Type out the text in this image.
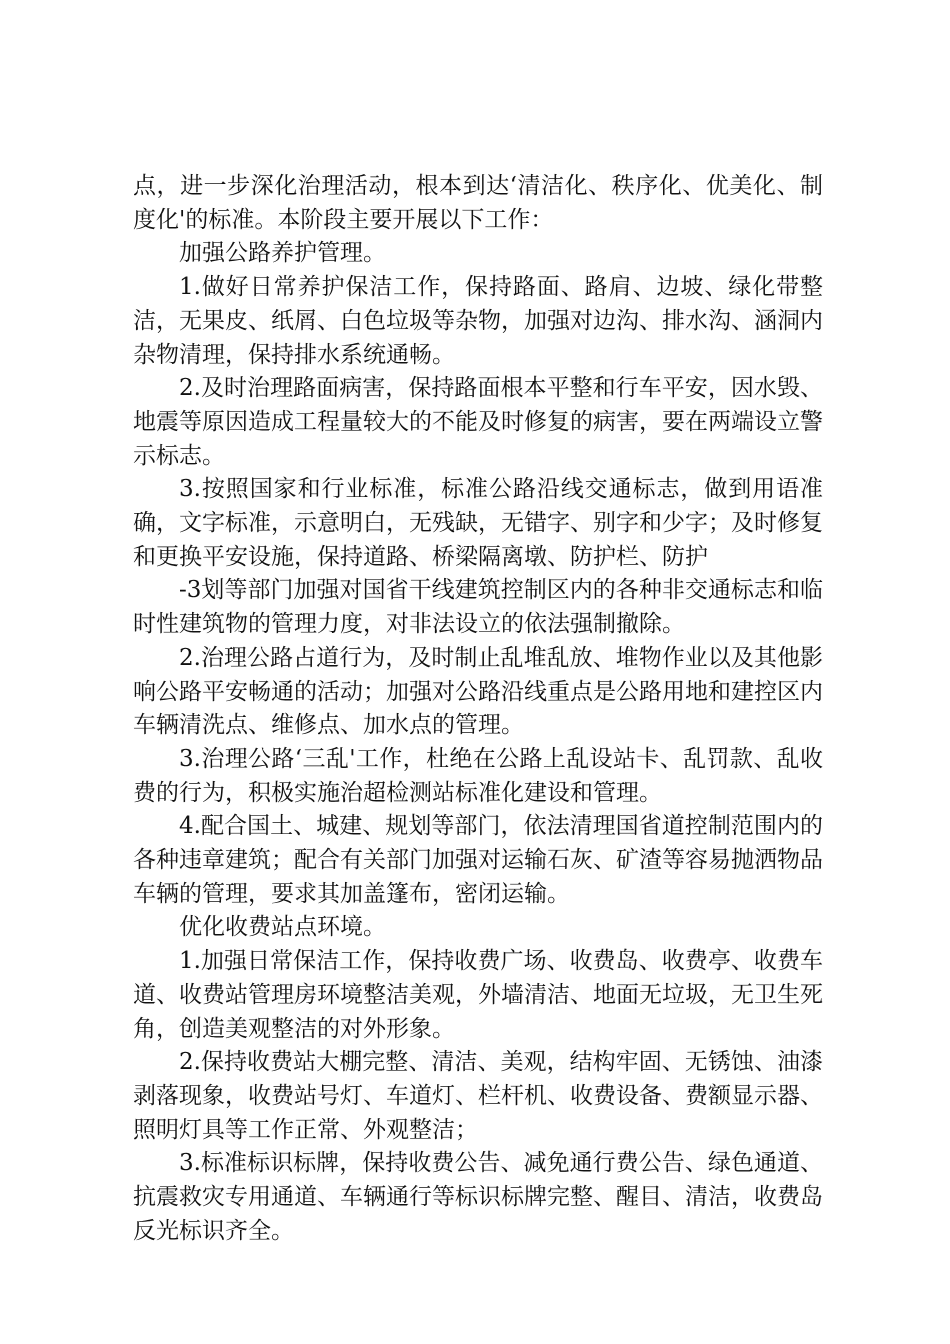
点，进一步深化治理活动，根本到达‘清洁化、秩序化、优美化、制度化'的标准。本阶段主要开展以下工作：

加强公路养护管理。

1.做好日常养护保洁工作，保持路面、路肩、边坡、绿化带整洁，无果皮、纸屑、白色垃圾等杂物，加强对边沟、排水沟、涵洞内杂物清理，保持排水系统通畅。

2.及时治理路面病害，保持路面根本平整和行车平安，因水毁、地震等原因造成工程量较大的不能及时修复的病害，要在两端设立警示标志。

3.按照国家和行业标准，标准公路沿线交通标志，做到用语准确，文字标准，示意明白，无残缺，无错字、别字和少字；及时修复和更换平安设施，保持道路、桥梁隔离墩、防护栏、防护

-3划等部门加强对国省干线建筑控制区内的各种非交通标志和临时性建筑物的管理力度，对非法设立的依法强制撤除。

2.治理公路占道行为，及时制止乱堆乱放、堆物作业以及其他影响公路平安畅通的活动；加强对公路沿线重点是公路用地和建控区内车辆清洗点、维修点、加水点的管理。

3.治理公路‘三乱'工作，杜绝在公路上乱设站卡、乱罚款、乱收费的行为，积极实施治超检测站标准化建设和管理。

4.配合国土、城建、规划等部门，依法清理国省道控制范围内的各种违章建筑；配合有关部门加强对运输石灰、矿渣等容易抛洒物品车辆的管理，要求其加盖篷布，密闭运输。

优化收费站点环境。

1.加强日常保洁工作，保持收费广场、收费岛、收费亭、收费车道、收费站管理房环境整洁美观，外墙清洁、地面无垃圾，无卫生死角，创造美观整洁的对外形象。

2.保持收费站大棚完整、清洁、美观，结构牢固、无锈蚀、油漆剥落现象，收费站号灯、车道灯、栏杆机、收费设备、费额显示器、照明灯具等工作正常、外观整洁；

3.标准标识标牌，保持收费公告、减免通行费公告、绿色通道、抗震救灾专用通道、车辆通行等标识标牌完整、醒目、清洁，收费岛反光标识齐全。
